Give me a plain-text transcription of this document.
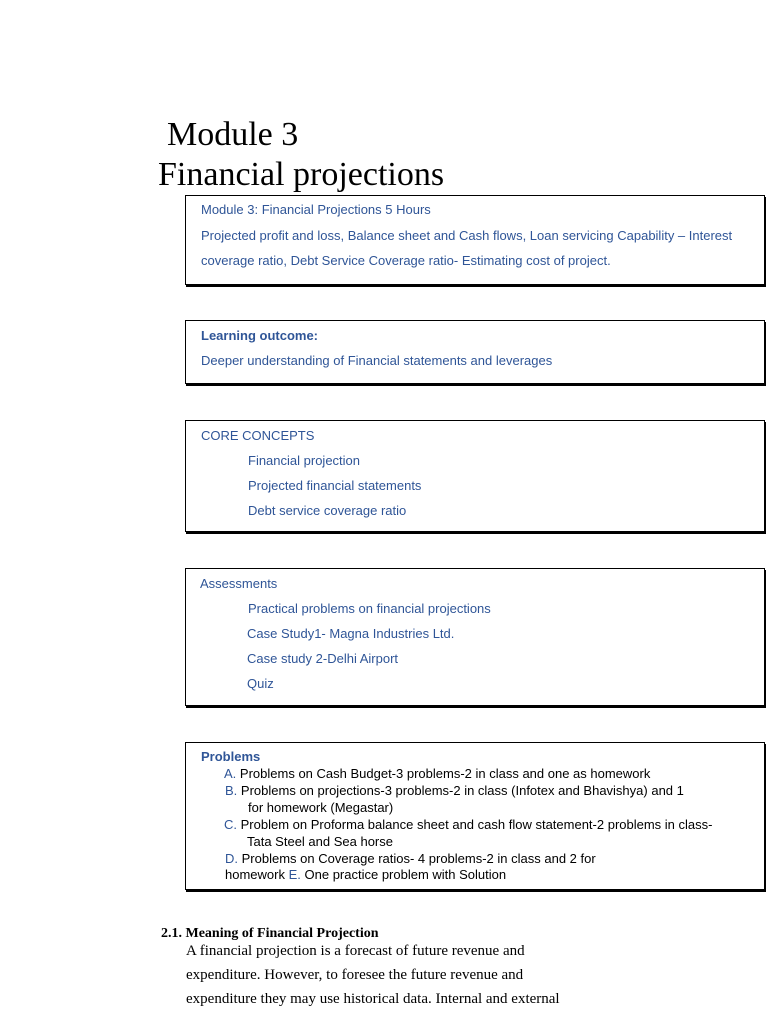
Module 3
Financial projections
Module 3: Financial Projections 5 Hours
Projected profit and loss, Balance sheet and Cash flows, Loan servicing Capability – Interest
coverage ratio, Debt Service Coverage ratio- Estimating cost of project.
Learning outcome:
Deeper understanding of Financial statements and leverages
CORE CONCEPTS
Financial projection
Projected financial statements
Debt service coverage ratio
Assessments
Practical problems on financial projections
Case Study1- Magna Industries Ltd.
Case study 2-Delhi Airport
Quiz
Problems
A. Problems on Cash Budget-3 problems-2 in class and one as homework
B. Problems on projections-3 problems-2 in class (Infotex and Bhavishya) and 1
for homework (Megastar)
C. Problem on Proforma balance sheet and cash flow statement-2 problems in class-
Tata Steel and Sea horse
D. Problems on Coverage ratios- 4 problems-2 in class and 2 for
homework E. One practice problem with Solution
2.1. Meaning of Financial Projection
A financial projection is a forecast of future revenue and
expenditure. However, to foresee the future revenue and
expenditure they may use historical data. Internal and external
